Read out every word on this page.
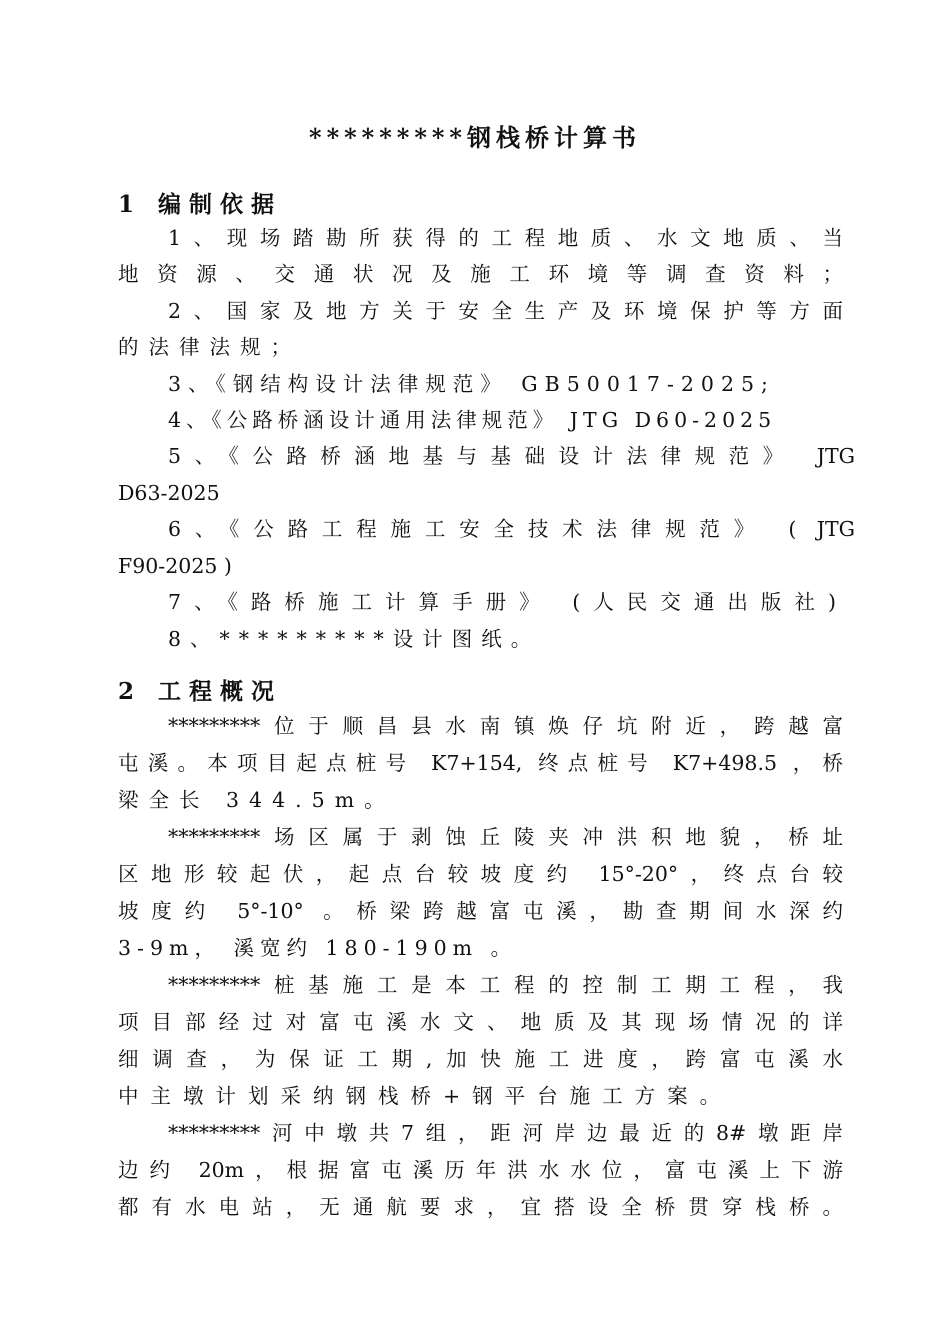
*********钢栈桥计算书
1 编制依据
1、现场踏勘所获得的工程地质、水文地质、当
地资源、交通状况及施工环境等调查资料；
2、国家及地方关于安全生产及环境保护等方面
的法律法规；
3、《钢结构设计法律规范》 GB50017-2025;
4、《公路桥涵设计通用法律规范》 JTG D60-2025
5、《公路桥涵地基与基础设计法律规范》 JTG
D63-2025
6、《公路工程施工安全技术法律规范》 ( JTG
F90-2025 )
7、《路桥施工计算手册》 (人民交通出版社)
8、*********设计图纸。
2 工程概况
*********位于顺昌县水南镇焕仔坑附近，跨越富
屯溪。本项目起点桩号 K7+154, 终点桩号 K7+498.5 ，桥
梁全长 344.5m。
*********场区属于剥蚀丘陵夹冲洪积地貌，桥址
区地形较起伏，起点台较坡度约 15°-20°，终点台较
坡度约 5°-10° 。桥梁跨越富屯溪，勘查期间水深约
3-9m， 溪宽约 180-190m 。
*********桩基施工是本工程的控制工期工程，我
项目部经过对富屯溪水文、地质及其现场情况的详
细调查，为保证工期,加快施工进度，跨富屯溪水
中主墩计划采纳钢栈桥+钢平台施工方案。
*********河中墩共7组，距河岸边最近的8#墩距岸
边约 20m，根据富屯溪历年洪水水位，富屯溪上下游
都有水电站，无通航要求，宜搭设全桥贯穿栈桥。
